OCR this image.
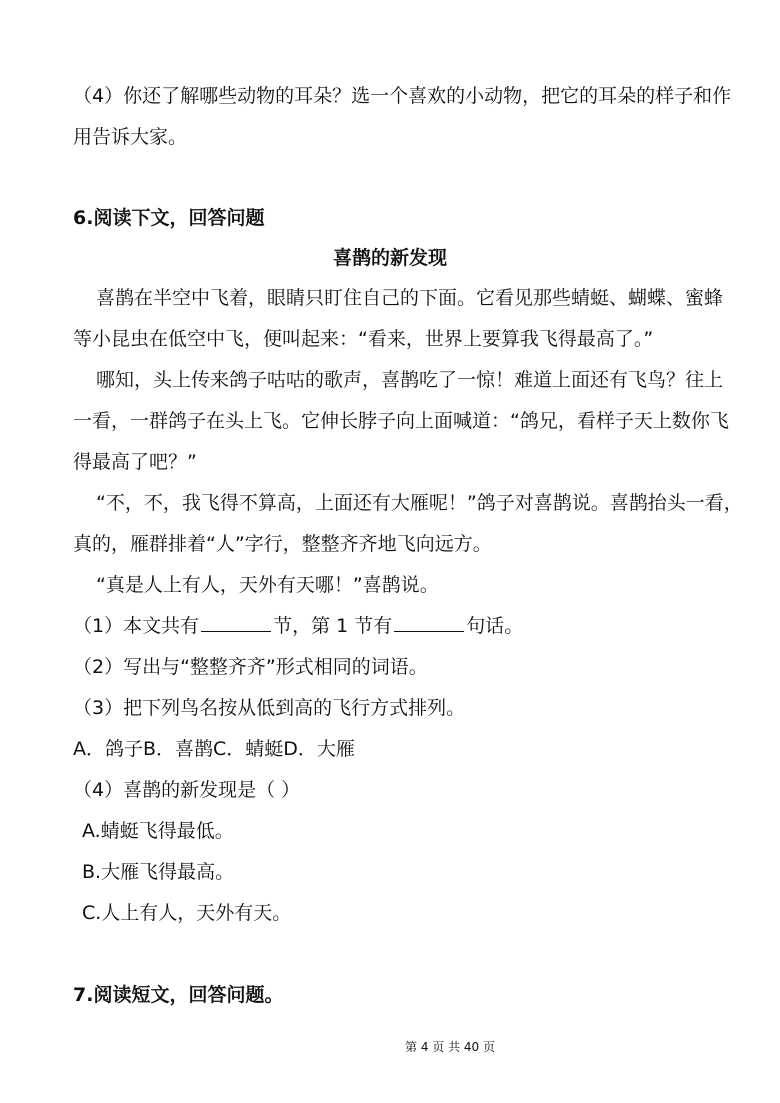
（4）你还了解哪些动物的耳朵？选一个喜欢的小动物，把它的耳朵的样子和作
用告诉大家。
6.阅读下文，回答问题
喜鹊的新发现
喜鹊在半空中飞着，眼睛只盯住自己的下面。它看见那些蜻蜓、蝴蝶、蜜蜂
等小昆虫在低空中飞，便叫起来：“看来，世界上要算我飞得最高了。”
哪知，头上传来鸽子咕咕的歌声，喜鹊吃了一惊！难道上面还有飞鸟？往上
一看，一群鸽子在头上飞。它伸长脖子向上面喊道：“鸽兄，看样子天上数你飞
得最高了吧？”
“不，不，我飞得不算高，上面还有大雁呢！”鸽子对喜鹊说。喜鹊抬头一看，
真的，雁群排着“人”字行，整整齐齐地飞向远方。
“真是人上有人，天外有天哪！”喜鹊说。
（1）本文共有	节，第 1 节有	句话。
（2）写出与“整整齐齐”形式相同的词语。
（3）把下列鸟名按从低到高的飞行方式排列。
A．鸽子B．喜鹊C．蜻蜓D．大雁
（4）喜鹊的新发现是（ ）
A.蜻蜓飞得最低。
B.大雁飞得最高。
C.人上有人，天外有天。
7.阅读短文，回答问题。
第 4 页 共 40 页
